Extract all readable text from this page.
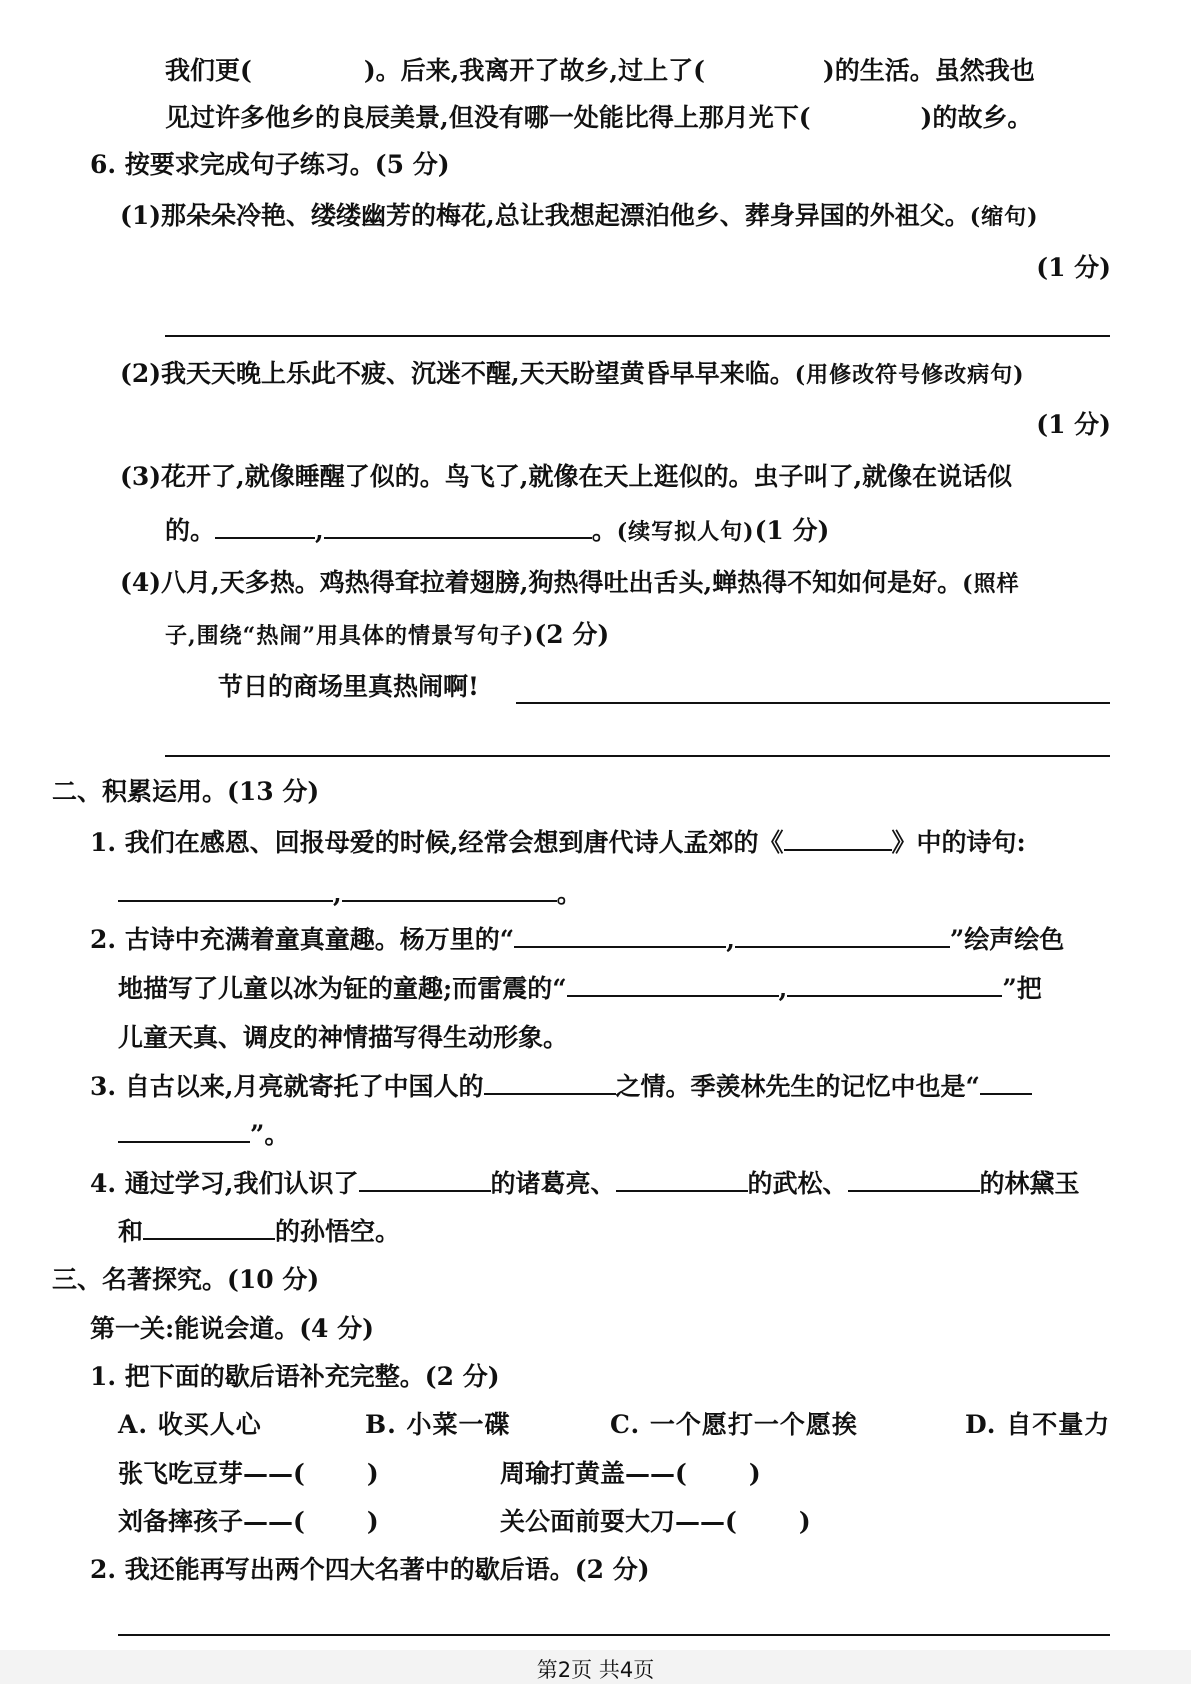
我们更(	)。后来,我离开了故乡,过上了(	)的生活。虽然我也
见过许多他乡的良辰美景,但没有哪一处能比得上那月光下(	)的故乡。
6. 按要求完成句子练习。(5 分)
(1)那朵朵冷艳、缕缕幽芳的梅花,总让我想起漂泊他乡、葬身异国的外祖父。(缩句)
(1 分)
(2)我天天晚上乐此不疲、沉迷不醒,天天盼望黄昏早早来临。(用修改符号修改病句)
(1 分)
(3)花开了,就像睡醒了似的。鸟飞了,就像在天上逛似的。虫子叫了,就像在说话似
的。	,	。(续写拟人句)(1 分)
(4)八月,天多热。鸡热得耷拉着翅膀,狗热得吐出舌头,蝉热得不知如何是好。(照样
子,围绕“热闹”用具体的情景写句子)(2 分)
节日的商场里真热闹啊!
二、积累运用。(13 分)
1. 我们在感恩、回报母爱的时候,经常会想到唐代诗人孟郊的《	》中的诗句:
,	。
2. 古诗中充满着童真童趣。杨万里的“	,	”绘声绘色
地描写了儿童以冰为钲的童趣;而雷震的“	,	”把
儿童天真、调皮的神情描写得生动形象。
3. 自古以来,月亮就寄托了中国人的	之情。季羡林先生的记忆中也是“
”。
4. 通过学习,我们认识了	的诸葛亮、	的武松、	的林黛玉
和	的孙悟空。
三、名著探究。(10 分)
第一关:能说会道。(4 分)
1. 把下面的歇后语补充完整。(2 分)
A. 收买人心	B. 小菜一碟	C. 一个愿打一个愿挨	D. 自不量力
张飞吃豆芽——( )	周瑜打黄盖——( )
刘备摔孩子——( )	关公面前耍大刀——( )
2. 我还能再写出两个四大名著中的歇后语。(2 分)
第2页 共4页
